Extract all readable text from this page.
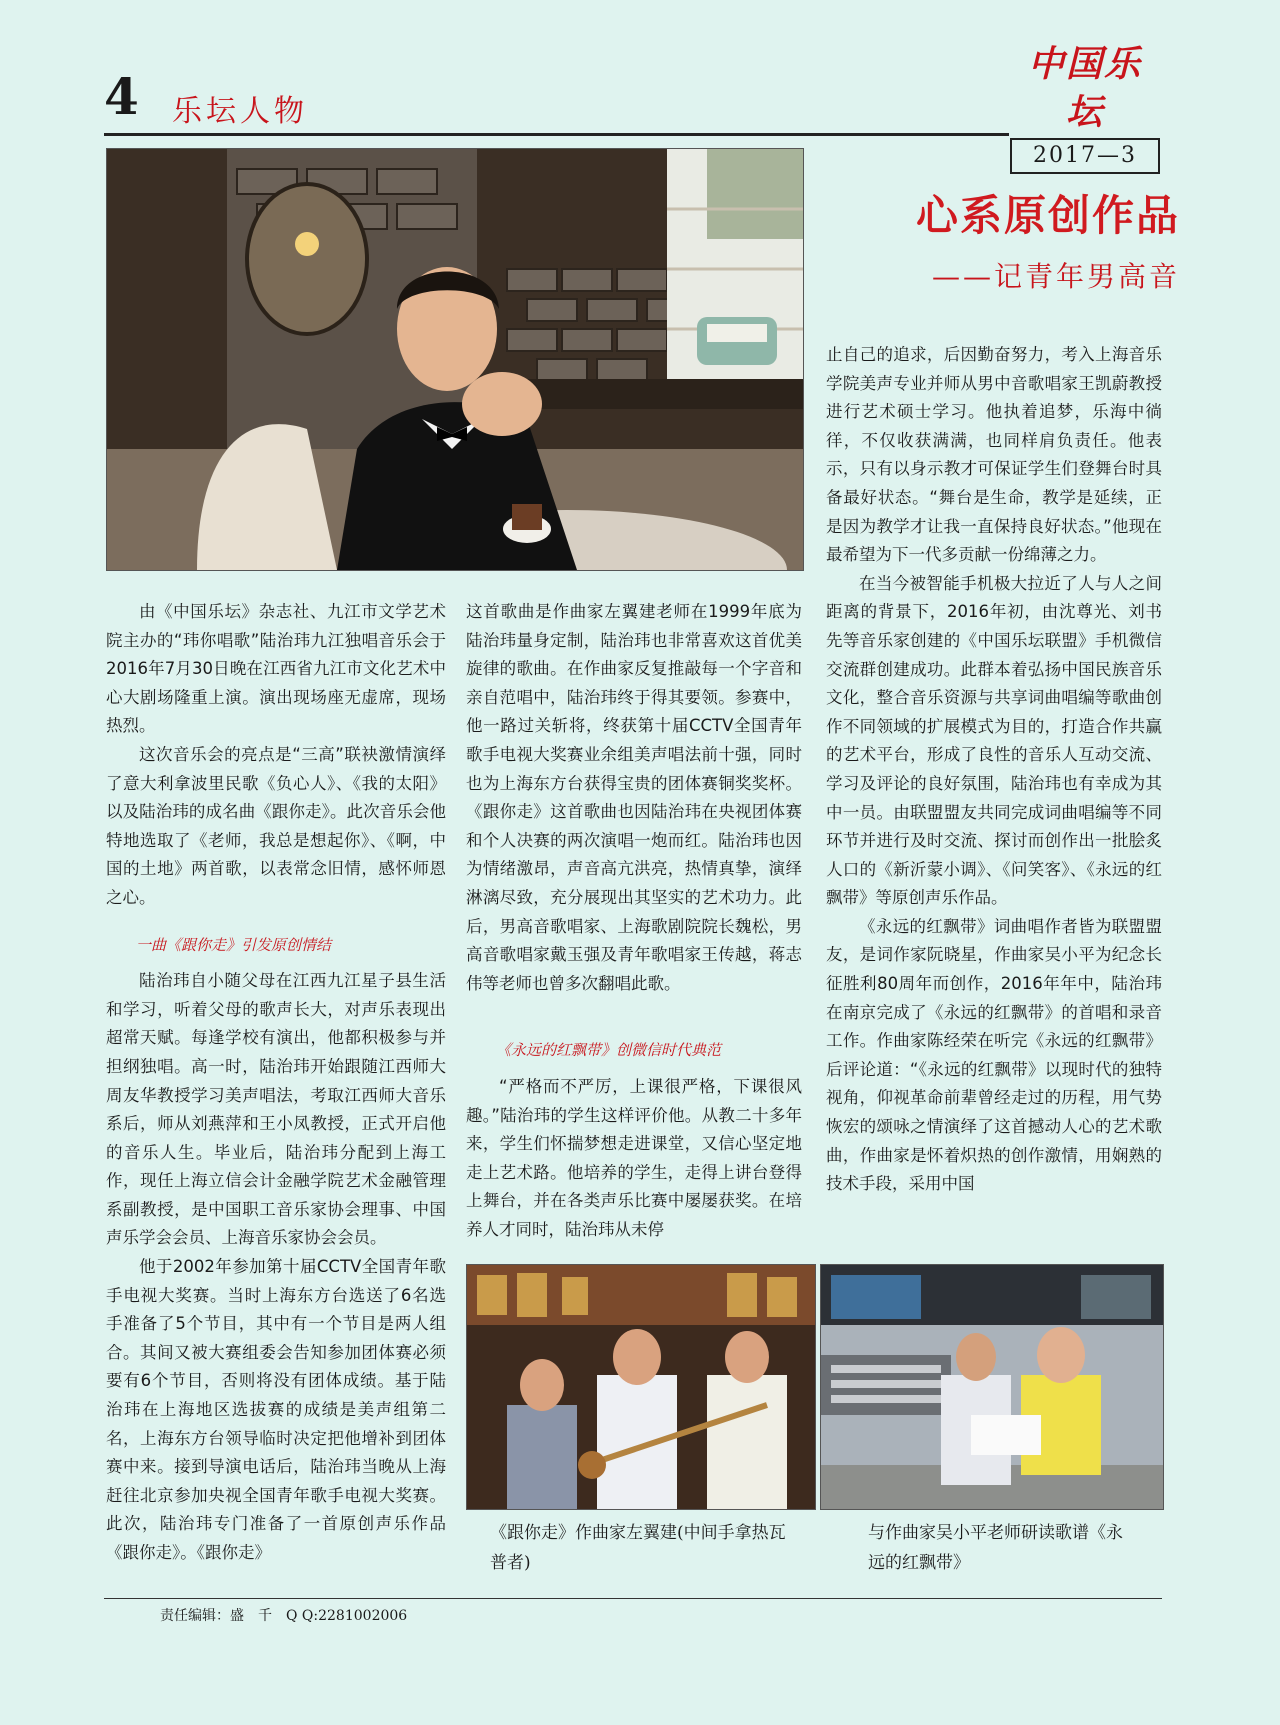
4 乐坛人物
中国乐坛
2017—3
心系原创作品
——记青年男高音

由《中国乐坛》杂志社、九江市文学艺术院主办的“玮你唱歌”陆治玮九江独唱音乐会于2016年7月30日晚在江西省九江市文化艺术中心大剧场隆重上演。演出现场座无虚席，现场热烈。

这次音乐会的亮点是“三高”联袂激情演绎了意大利拿波里民歌《负心人》、《我的太阳》以及陆治玮的成名曲《跟你走》。此次音乐会他特地选取了《老师，我总是想起你》、《啊，中国的土地》两首歌，以表常念旧情，感怀师恩之心。

一曲《跟你走》引发原创情结

陆治玮自小随父母在江西九江星子县生活和学习，听着父母的歌声长大，对声乐表现出超常天赋。每逢学校有演出，他都积极参与并担纲独唱。高一时，陆治玮开始跟随江西师大周友华教授学习美声唱法，考取江西师大音乐系后，师从刘燕萍和王小凤教授，正式开启他的音乐人生。毕业后，陆治玮分配到上海工作，现任上海立信会计金融学院艺术金融管理系副教授，是中国职工音乐家协会理事、中国声乐学会会员、上海音乐家协会会员。

他于2002年参加第十届CCTV全国青年歌手电视大奖赛。当时上海东方台选送了6名选手准备了5个节目，其中有一个节目是两人组合。其间又被大赛组委会告知参加团体赛必须要有6个节目，否则将没有团体成绩。基于陆治玮在上海地区选拔赛的成绩是美声组第二名，上海东方台领导临时决定把他增补到团体赛中来。接到导演电话后，陆治玮当晚从上海赶往北京参加央视全国青年歌手电视大奖赛。此次，陆治玮专门准备了一首原创声乐作品《跟你走》。《跟你走》

这首歌曲是作曲家左翼建老师在1999年底为陆治玮量身定制，陆治玮也非常喜欢这首优美旋律的歌曲。在作曲家反复推敲每一个字音和亲自范唱中，陆治玮终于得其要领。参赛中，他一路过关斩将，终获第十届CCTV全国青年歌手电视大奖赛业余组美声唱法前十强，同时也为上海东方台获得宝贵的团体赛铜奖奖杯。《跟你走》这首歌曲也因陆治玮在央视团体赛和个人决赛的两次演唱一炮而红。陆治玮也因为情绪激昂，声音高亢洪亮，热情真挚，演绎淋漓尽致，充分展现出其坚实的艺术功力。此后，男高音歌唱家、上海歌剧院院长魏松，男高音歌唱家戴玉强及青年歌唱家王传越，蒋志伟等老师也曾多次翻唱此歌。

《永远的红飘带》创微信时代典范

“严格而不严厉，上课很严格，下课很风趣。”陆治玮的学生这样评价他。从教二十多年来，学生们怀揣梦想走进课堂，又信心坚定地走上艺术路。他培养的学生，走得上讲台登得上舞台，并在各类声乐比赛中屡屡获奖。在培养人才同时，陆治玮从未停

止自己的追求，后因勤奋努力，考入上海音乐学院美声专业并师从男中音歌唱家王凯蔚教授进行艺术硕士学习。他执着追梦，乐海中徜徉，不仅收获满满，也同样肩负责任。他表示，只有以身示教才可保证学生们登舞台时具备最好状态。“舞台是生命，教学是延续，正是因为教学才让我一直保持良好状态。”他现在最希望为下一代多贡献一份绵薄之力。

在当今被智能手机极大拉近了人与人之间距离的背景下，2016年初，由沈尊光、刘书先等音乐家创建的《中国乐坛联盟》手机微信交流群创建成功。此群本着弘扬中国民族音乐文化，整合音乐资源与共享词曲唱编等歌曲创作不同领域的扩展模式为目的，打造合作共赢的艺术平台，形成了良性的音乐人互动交流、学习及评论的良好氛围，陆治玮也有幸成为其中一员。由联盟盟友共同完成词曲唱编等不同环节并进行及时交流、探讨而创作出一批脍炙人口的《新沂蒙小调》、《问笑客》、《永远的红飘带》等原创声乐作品。

《永远的红飘带》词曲唱作者皆为联盟盟友，是词作家阮晓星，作曲家吴小平为纪念长征胜利80周年而创作，2016年年中，陆治玮在南京完成了《永远的红飘带》的首唱和录音工作。作曲家陈经荣在听完《永远的红飘带》后评论道：“《永远的红飘带》以现时代的独特视角，仰视革命前辈曾经走过的历程，用气势恢宏的颂咏之情演绎了这首撼动人心的艺术歌曲，作曲家是怀着炽热的创作激情，用娴熟的技术手段，采用中国

《跟你走》作曲家左翼建(中间手拿热瓦普者)
与作曲家吴小平老师研读歌谱《永远的红飘带》
责任编辑：盛　千　Q Q:2281002006
